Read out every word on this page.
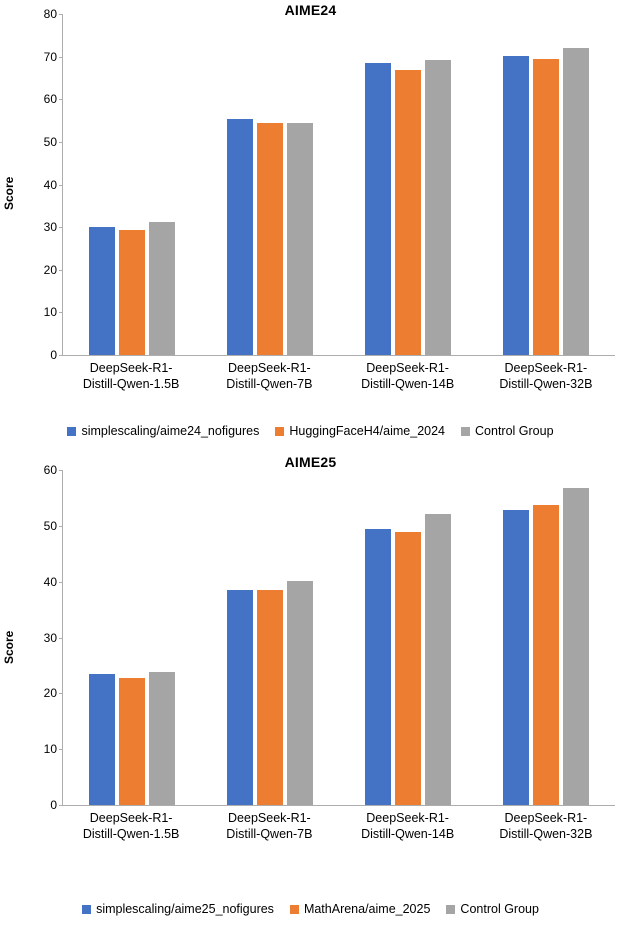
AIME24
Score
0
10
20
30
40
50
60
70
80
DeepSeek-R1-
Distill-Qwen-1.5B
DeepSeek-R1-
Distill-Qwen-7B
DeepSeek-R1-
Distill-Qwen-14B
DeepSeek-R1-
Distill-Qwen-32B
simplescaling/aime24_nofigures HuggingFaceH4/aime_2024 Control Group
AIME25
Score
0
10
20
30
40
50
60
DeepSeek-R1-
Distill-Qwen-1.5B
DeepSeek-R1-
Distill-Qwen-7B
DeepSeek-R1-
Distill-Qwen-14B
DeepSeek-R1-
Distill-Qwen-32B
simplescaling/aime25_nofigures MathArena/aime_2025 Control Group
